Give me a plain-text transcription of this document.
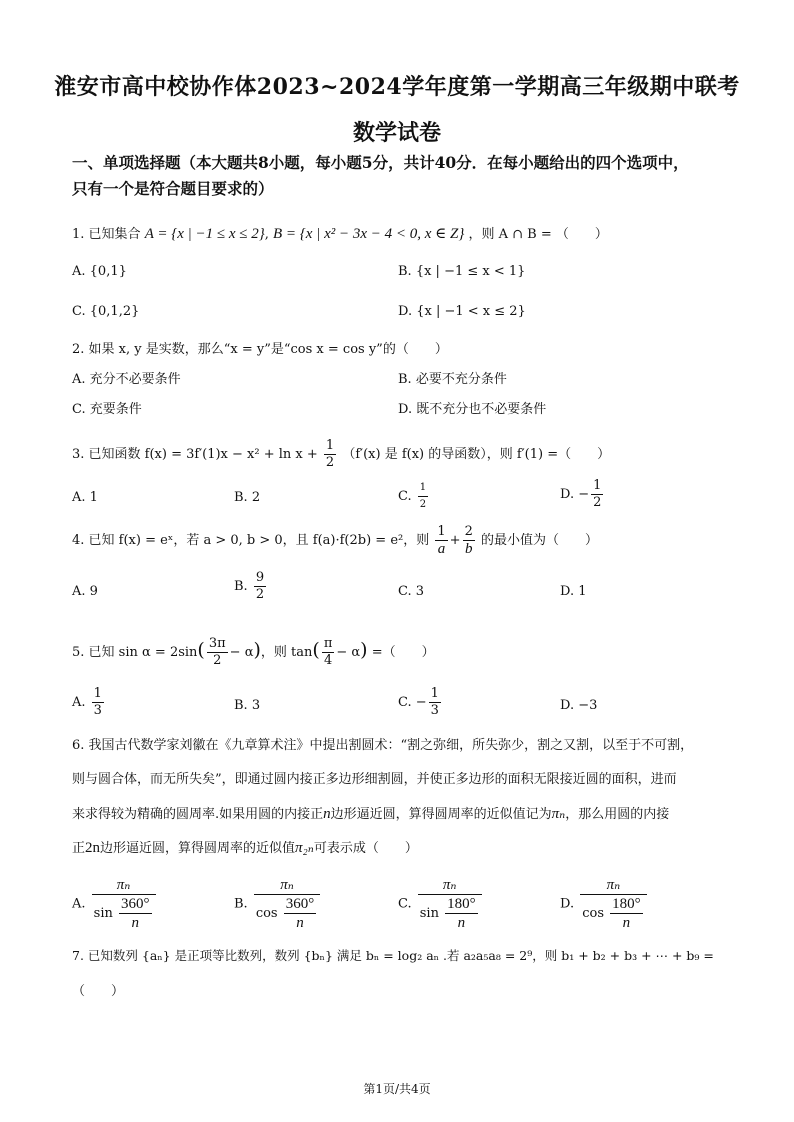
淮安市高中校协作体2023~2024学年度第一学期高三年级期中联考
数学试卷
一、单项选择题（本大题共8小题，每小题5分，共计40分．在每小题给出的四个选项中，
只有一个是符合题目要求的）
1. 已知集合 A = {x | −1 ≤ x ≤ 2}, B = {x | x² − 3x − 4 < 0, x ∈ Z} ，则 A ∩ B = （　　）
A. {0,1}	B. {x | −1 ≤ x < 1}
C. {0,1,2}	D. {x | −1 < x ≤ 2}
2. 如果 x, y 是实数，那么“x = y”是“cos x = cos y”的（　　）
A. 充分不必要条件	B. 必要不充分条件
C. 充要条件	D. 既不充分也不必要条件
3. 已知函数 $f(x) = 3f'(1)x - x^2 + \ln x + \frac{1}{2} (f'(x)$ 是 f(x) 的导函数），则 f′(1) =（　　）
A. 1	B. 2	C. $\frac{1}{2}$	D. − $\frac{1}{2}$
4. 已知 f(x) = eˣ，若 a > 0, b > 0，且 f(a)·f(2b) = e²，则 $\frac{1}{a} + \frac{2}{b}$ 的最小值为（　　）
A. 9	B. $\frac{9}{2}$	C. 3	D. 1
5. 已知 $\sin \alpha = 2\sin( \frac{3\pi}{2} - \alpha)$，则 $\tan( \frac{\pi}{4} - \alpha)$ =（　　）
A. $\frac{1}{3}$	B. 3	C. − $\frac{1}{3}$	D. −3
6. 我国古代数学家刘徽在《九章算术注》中提出割圆术：“割之弥细，所失弥少，割之又割，以至于不可割，
则与圆合体，而无所失矣”，即通过圆内接正多边形细割圆，并使正多边形的面积无限接近圆的面积，进而
来求得较为精确的圆周率.如果用圆的内接正n边形逼近圆，算得圆周率的近似值记为πₙ，那么用圆的内接
正2n边形逼近圆，算得圆周率的近似值π₂ₙ可表示成（　　）
A. $\frac{\text{πₙ}}{\sin \frac{360^\circ}{n}}$	B. $\frac{\text{πₙ}}{\cos \frac{360^\circ}{n}}$	C. $\frac{\text{πₙ}}{\sin \frac{180^\circ}{n}}$	D. $\frac{\text{πₙ}}{\cos \frac{180^\circ}{n}}$
7. 已知数列 {aₙ} 是正项等比数列，数列 {bₙ} 满足 bₙ = log₂ aₙ .若 a₂a₅a₈ = 2⁹，则 b₁ + b₂ + b₃ + ⋯ + b₉ =
（　　）
第1页/共4页
